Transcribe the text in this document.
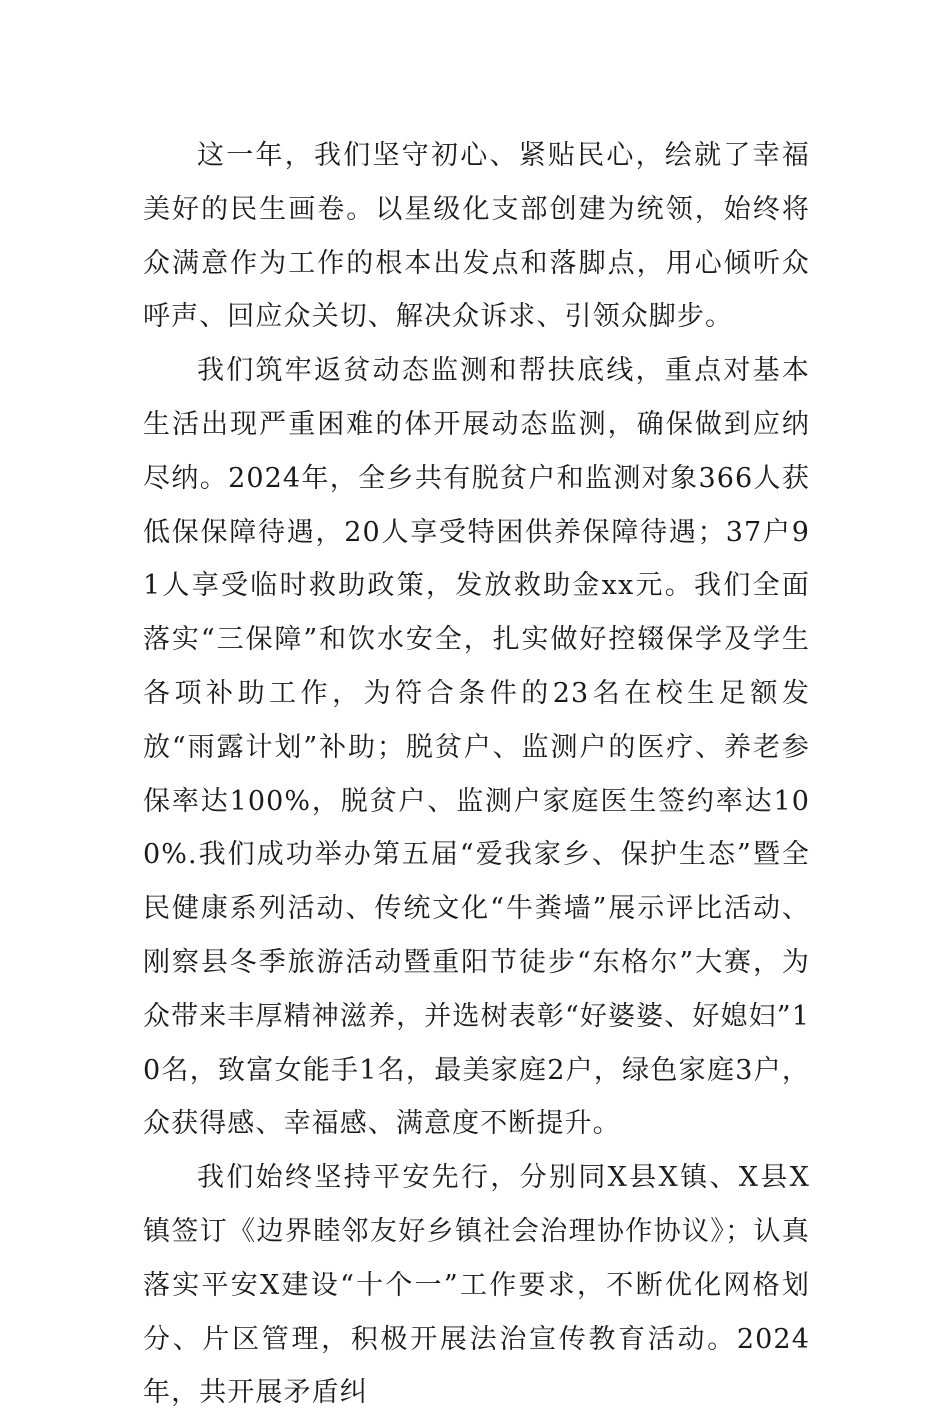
这一年，我们坚守初心、紧贴民心，绘就了幸福美好的民生画卷。以星级化支部创建为统领，始终将众满意作为工作的根本出发点和落脚点，用心倾听众呼声、回应众关切、解决众诉求、引领众脚步。

我们筑牢返贫动态监测和帮扶底线，重点对基本生活出现严重困难的体开展动态监测，确保做到应纳尽纳。2024年，全乡共有脱贫户和监测对象366人获低保保障待遇，20人享受特困供养保障待遇；37户91人享受临时救助政策，发放救助金xx元。我们全面落实“三保障”和饮水安全，扎实做好控辍保学及学生各项补助工作，为符合条件的23名在校生足额发放“雨露计划”补助；脱贫户、监测户的医疗、养老参保率达100%，脱贫户、监测户家庭医生签约率达100%.我们成功举办第五届“爱我家乡、保护生态”暨全民健康系列活动、传统文化“牛粪墙”展示评比活动、刚察县冬季旅游活动暨重阳节徒步“东格尔”大赛，为众带来丰厚精神滋养，并选树表彰“好婆婆、好媳妇”10名，致富女能手1名，最美家庭2户，绿色家庭3户，众获得感、幸福感、满意度不断提升。

我们始终坚持平安先行，分别同X县X镇、X县X镇签订《边界睦邻友好乡镇社会治理协作协议》；认真落实平安X建设“十个一”工作要求，不断优化网格划分、片区管理，积极开展法治宣传教育活动。2024年，共开展矛盾纠
